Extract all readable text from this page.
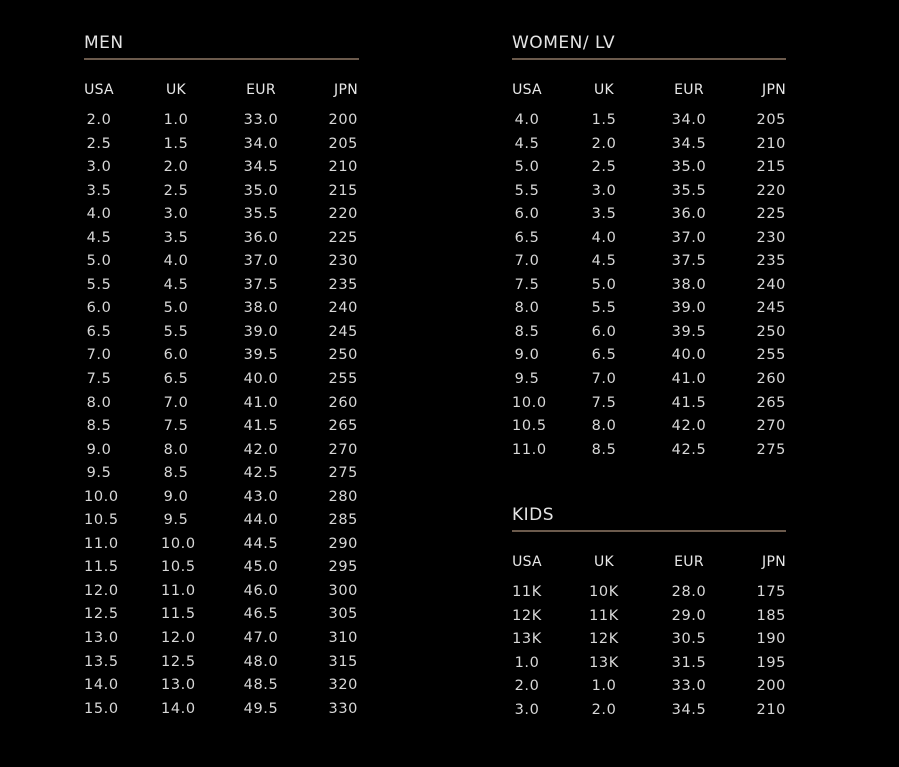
MEN
USA	UK	EUR	JPN
2.0	1.0	33.0	200
2.5	1.5	34.0	205
3.0	2.0	34.5	210
3.5	2.5	35.0	215
4.0	3.0	35.5	220
4.5	3.5	36.0	225
5.0	4.0	37.0	230
5.5	4.5	37.5	235
6.0	5.0	38.0	240
6.5	5.5	39.0	245
7.0	6.0	39.5	250
7.5	6.5	40.0	255
8.0	7.0	41.0	260
8.5	7.5	41.5	265
9.0	8.0	42.0	270
9.5	8.5	42.5	275
10.0	9.0	43.0	280
10.5	9.5	44.0	285
11.0	10.0	44.5	290
11.5	10.5	45.0	295
12.0	11.0	46.0	300
12.5	11.5	46.5	305
13.0	12.0	47.0	310
13.5	12.5	48.0	315
14.0	13.0	48.5	320
15.0	14.0	49.5	330
WOMEN/ LV
USA	UK	EUR	JPN
4.0	1.5	34.0	205
4.5	2.0	34.5	210
5.0	2.5	35.0	215
5.5	3.0	35.5	220
6.0	3.5	36.0	225
6.5	4.0	37.0	230
7.0	4.5	37.5	235
7.5	5.0	38.0	240
8.0	5.5	39.0	245
8.5	6.0	39.5	250
9.0	6.5	40.0	255
9.5	7.0	41.0	260
10.0	7.5	41.5	265
10.5	8.0	42.0	270
11.0	8.5	42.5	275
KIDS
USA	UK	EUR	JPN
11K	10K	28.0	175
12K	11K	29.0	185
13K	12K	30.5	190
1.0	13K	31.5	195
2.0	1.0	33.0	200
3.0	2.0	34.5	210
